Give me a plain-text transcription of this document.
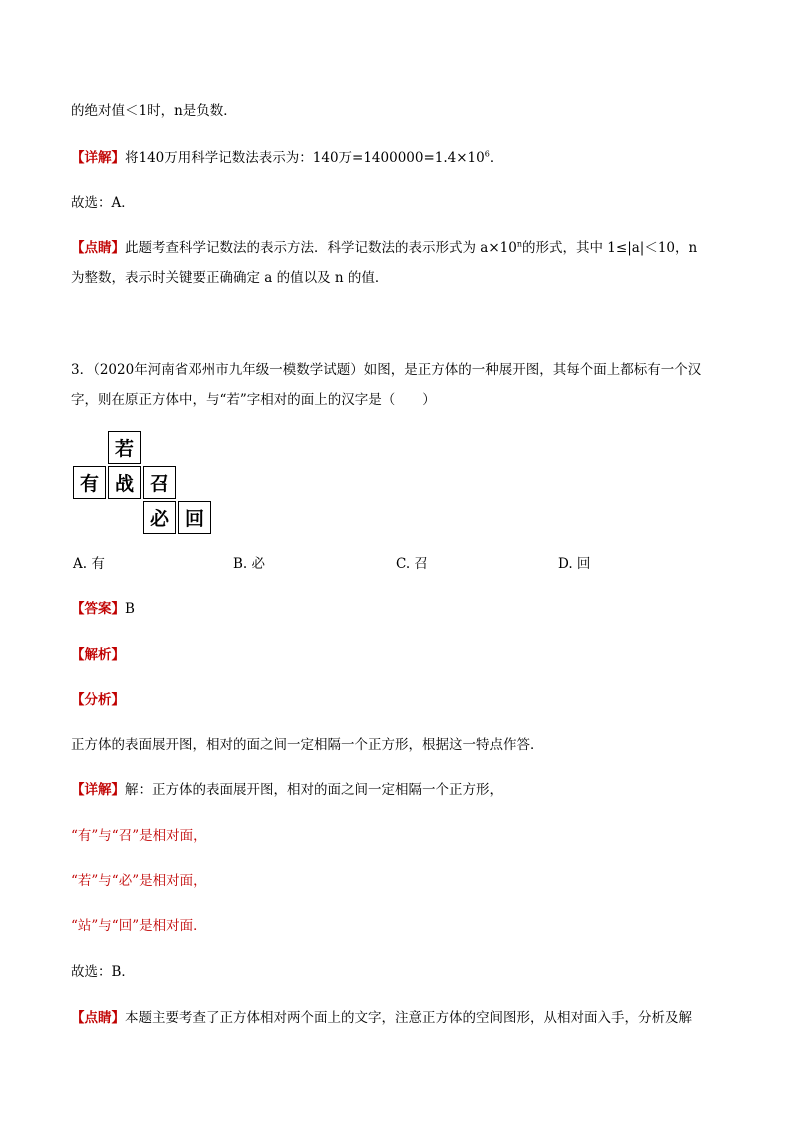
的绝对值＜1时，n是负数．
【详解】将140万用科学记数法表示为：140万$=1400000=1.4\times 10^6$．
故选：A．
【点睛】此题考查科学记数法的表示方法．科学记数法的表示形式为 $a\times 10^n$的形式，其中 1≤|a|＜10，n
为整数，表示时关键要正确确定 a 的值以及 n 的值．
3．（2020年河南省邓州市九年级一模数学试题）如图，是正方体的一种展开图，其每个面上都标有一个汉
字，则在原正方体中，与“若”字相对的面上的汉字是（　　）
若
有 战 召
必 回
A. 有	B. 必	C. 召	D. 回
【答案】B
【解析】
【分析】
正方体的表面展开图，相对的面之间一定相隔一个正方形，根据这一特点作答．
【详解】解：正方体的表面展开图，相对的面之间一定相隔一个正方形，
“有”与“召”是相对面，
“若”与“必”是相对面，
“站”与“回”是相对面．
故选：B．
【点睛】本题主要考查了正方体相对两个面上的文字，注意正方体的空间图形，从相对面入手，分析及解
